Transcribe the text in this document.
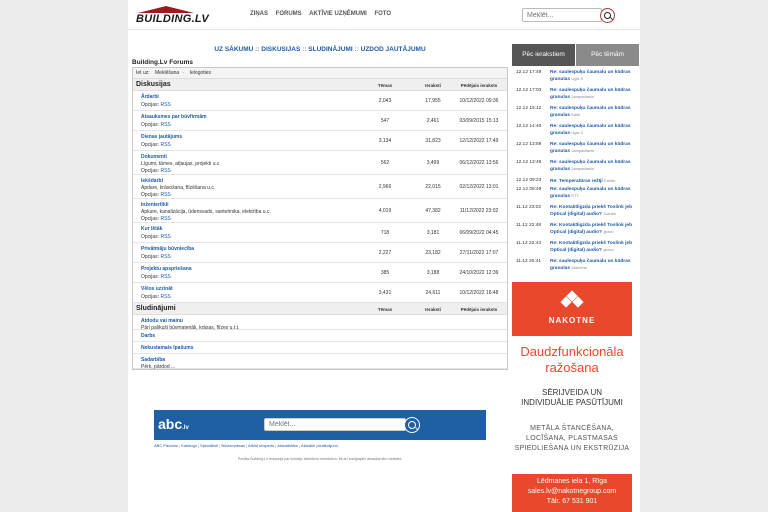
BUILDING.LV	ZIŅAS FORUMS AKTĪVIE UZŅĒMUMI FOTO
Meklēt...
UZ SĀKUMU :: DISKUSIJAS :: SLUDINĀJUMI :: UZDOD JAUTĀJUMU
Building.Lv Forums
Iet uz: Meklēšana · Ielogoties
Diskusijas	Tēmas	Ieraksti	Pēdējais ieraksts
Ārdarbi
Opcijas: RSS
2,043	17,955	10/12/2022 09:36
Atsauksmes par būvfirmām
Opcijas: RSS
547	2,461	03/09/2015 15:13
Dienas jautājums
Opcijas: RSS
3,134	31,823	12/12/2022 17:49
Dokumenti
Līgumi, tāmes, atļaujas, projekti u.c
Opcijas: RSS
562	3,499	06/12/2022 13:56
Iekšdarbi
Apdare, krāsošana, flīzēšana u.c.
Opcijas: RSS
2,966	22,015	02/12/2022 13:01
Inženiertīkli
Apkure, kanalizācija, ūdensvads, santehnika, elektrība u.c.
Opcijas: RSS
4,019	47,382	11/12/2022 23:02
Kur lētāk
Opcijas: RSS
718	3,181	06/09/2022 04:45
Privātmāju būvniecība
Opcijas: RSS
2,227	23,182	27/11/2022 17:07
Projektu apspriešana
Opcijas: RSS
385	3,188	24/10/2022 12:39
Vēlos uzzināt
Opcijas: RSS
3,431	24,611	10/12/2022 16:48
Sludinājumi	Tēmas	Ieraksti	Pēdējais ieraksts
Atdodu vai mainu
Pāri palikuši būvmateriāli, krāsas, flīzes u.t.t.
Darbs
Nekustamais īpašums
Sadarbība
Pērk, pārdod ...
abc.lv
Meklēt...
ABC Padoms | Katalogs | Speciālisti | Būvizmaksas | Atbild eksperts | Aktualitātes | Aktuālie piedāvājumi
Portāla Building.Lv redakcija par lietotāju izteiktiem viedokļiem, kā arī sniegtajām atsauksmēm neatbild.
Pēc ierakstiem	Pēc tēmām
12.12 17:49 Re: saulespuķu čaumalu un kūdras granulas Ugis S
12.12 17:03 Re: saulespuķu čaumalu un kūdras granulas Jampadracis
12.12 15:12 Re: saulespuķu čaumalu un kūdras granulas Kalle
12.12 14:40 Re: saulespuķu čaumalu un kūdras granulas Ugis S
12.12 13:59 Re: saulespuķu čaumalu un kūdras granulas Jampadracis
12.12 13:49 Re: saulespuķu čaumalu un kūdras granulas Jampadracis
12.12 09:23 Re: Temperatūras režīji Emiler
12.12 08:49 Re: saulespuķu čaumalu un kūdras granulas ETT
11.12 23:02 Re: Kontaktligzda priekš Toslink jeb Optical (digital) audio? Jozhke
11.12 22:48 Re: Kontaktligzda priekš Toslink jeb Optical (digital) audio? gbroo
11.12 22:43 Re: Kontaktligzda priekš Toslink jeb Optical (digital) audio? gbroo
11.12 20:41 Re: saulespuķu čaumalu un kūdras granulas Vidzeme
NAKOTNE
Daudzfunkcionāla
ražošana
SĒRIJVEIDA UN
INDIVIDUĀLIE PASŪTĪJUMI
METĀLA ŠTANCĒŠANA,
LOCĪŠANA, PLASTMASAS
SPIEDLIEŠANA UN EKSTRŪZIJA
Lēdmanes iela 1, Rīga
sales.lv@nakotnegroup.com
Tālr. 67 531 901
